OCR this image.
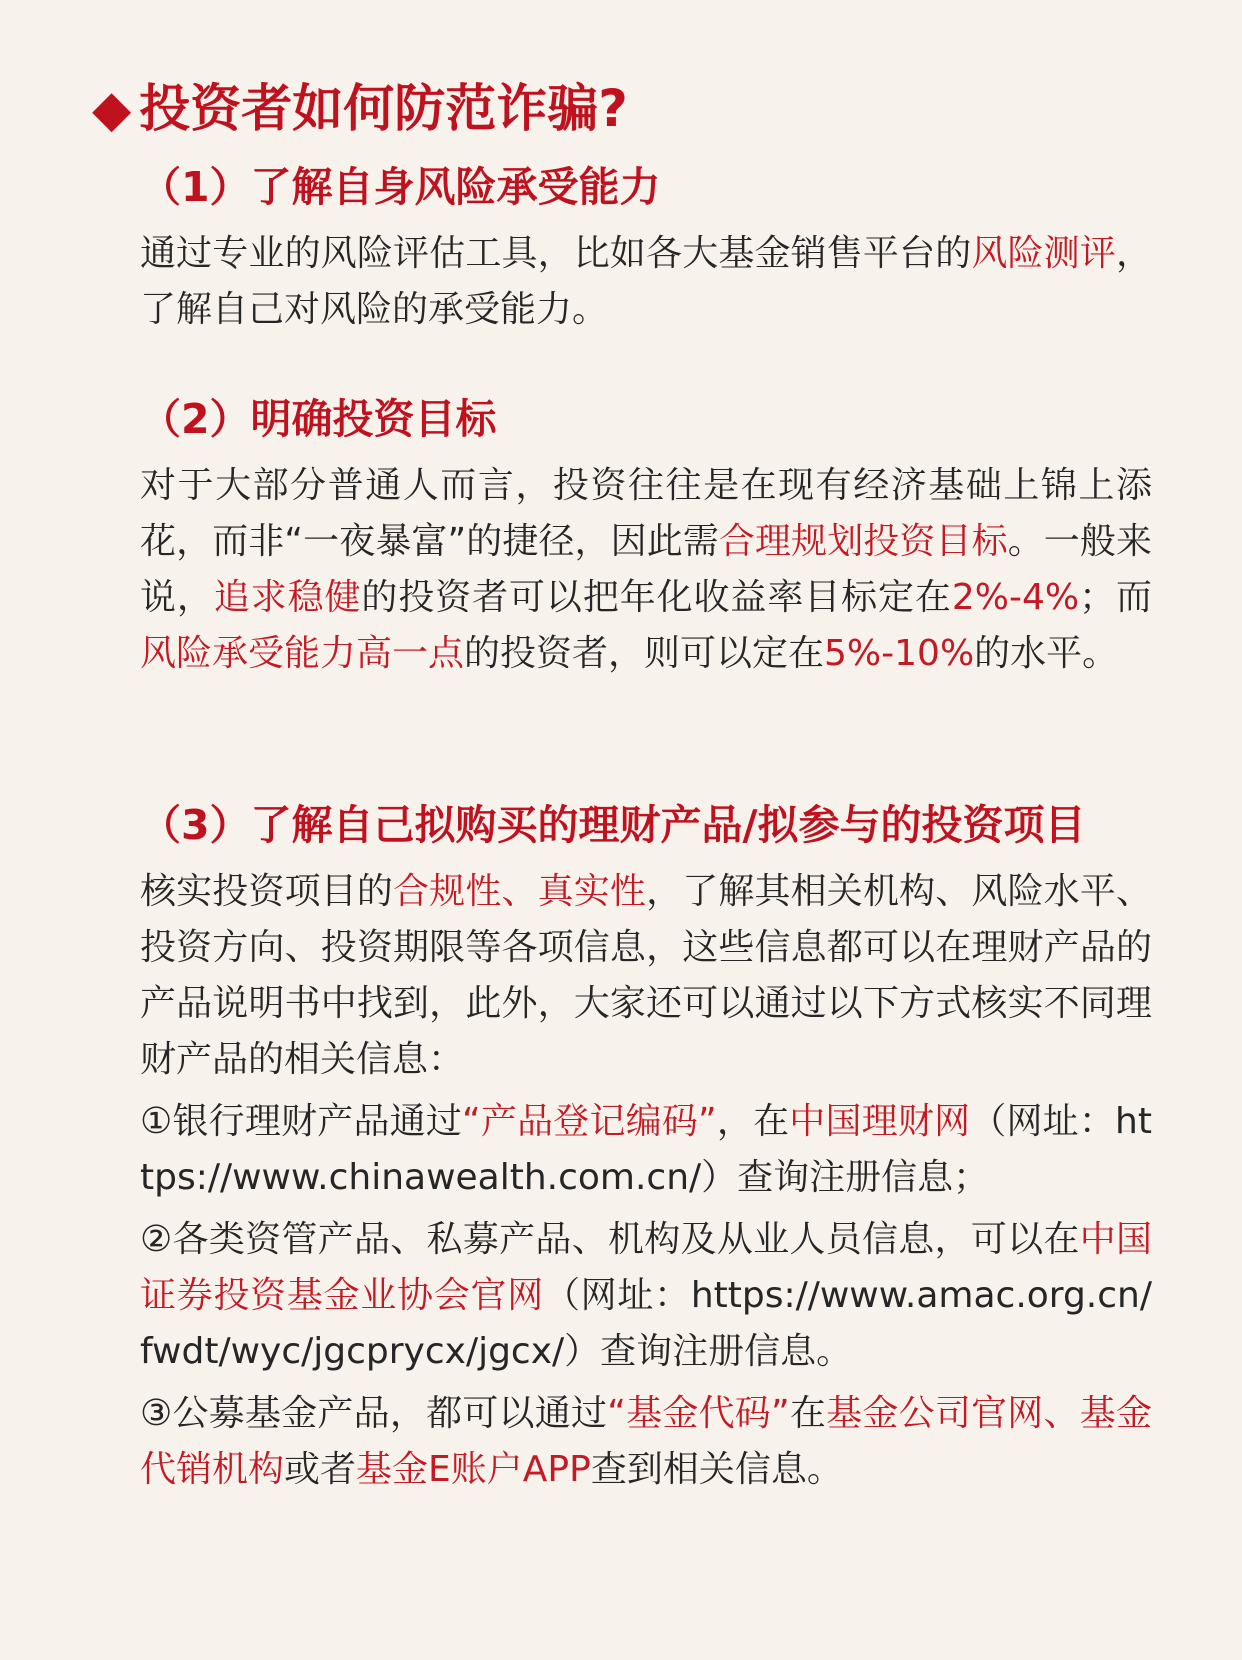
◆ 投资者如何防范诈骗?
（1）了解自身风险承受能力

通过专业的风险评估工具，比如各大基金销售平台的风险测评，了解自己对风险的承受能力。

（2）明确投资目标

对于大部分普通人而言，投资往往是在现有经济基础上锦上添花，而非“一夜暴富”的捷径，因此需合理规划投资目标。一般来说，追求稳健的投资者可以把年化收益率目标定在2%-4%；而风险承受能力高一点的投资者，则可以定在5%-10%的水平。

（3）了解自己拟购买的理财产品/拟参与的投资项目

核实投资项目的合规性、真实性，了解其相关机构、风险水平、投资方向、投资期限等各项信息，这些信息都可以在理财产品的产品说明书中找到，此外，大家还可以通过以下方式核实不同理财产品的相关信息：

①银行理财产品通过“产品登记编码”，在中国理财网（网址：https://www.chinawealth.com.cn/）查询注册信息；

②各类资管产品、私募产品、机构及从业人员信息，可以在中国证券投资基金业协会官网（网址：https://www.amac.org.cn/fwdt/wyc/jgcprycx/jgcx/）查询注册信息。

③公募基金产品，都可以通过“基金代码”在基金公司官网、基金代销机构或者基金E账户APP查到相关信息。
